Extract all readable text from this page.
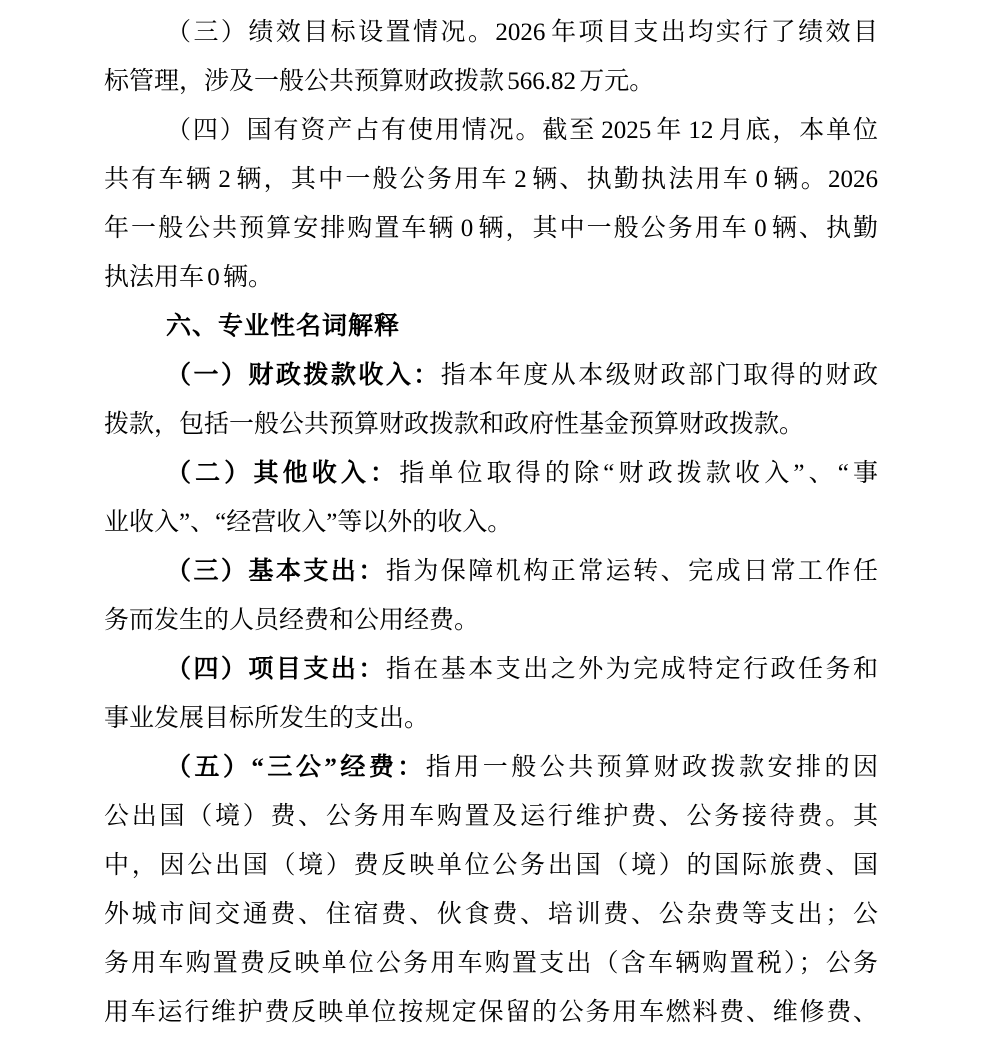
（三）绩效目标设置情况。2026 年项目支出均实行了绩效目
标管理，涉及一般公共预算财政拨款 566.82 万元。
（四）国有资产占有使用情况。截至 2025 年 12 月底，本单位
共有车辆 2 辆，其中一般公务用车 2 辆、执勤执法用车 0 辆。2026
年一般公共预算安排购置车辆 0 辆，其中一般公务用车 0 辆、执勤
执法用车 0 辆。
六、专业性名词解释
（一）财政拨款收入：指本年度从本级财政部门取得的财政
拨款，包括一般公共预算财政拨款和政府性基金预算财政拨款。
（二）其他收入：指单位取得的除“财政拨款收入”、“事
业收入”、“经营收入”等以外的收入。
（三）基本支出：指为保障机构正常运转、完成日常工作任
务而发生的人员经费和公用经费。
（四）项目支出：指在基本支出之外为完成特定行政任务和
事业发展目标所发生的支出。
（五）“三公”经费：指用一般公共预算财政拨款安排的因
公出国（境）费、公务用车购置及运行维护费、公务接待费。其
中，因公出国（境）费反映单位公务出国（境）的国际旅费、国
外城市间交通费、住宿费、伙食费、培训费、公杂费等支出；公
务用车购置费反映单位公务用车购置支出（含车辆购置税）；公务
用车运行维护费反映单位按规定保留的公务用车燃料费、维修费、
